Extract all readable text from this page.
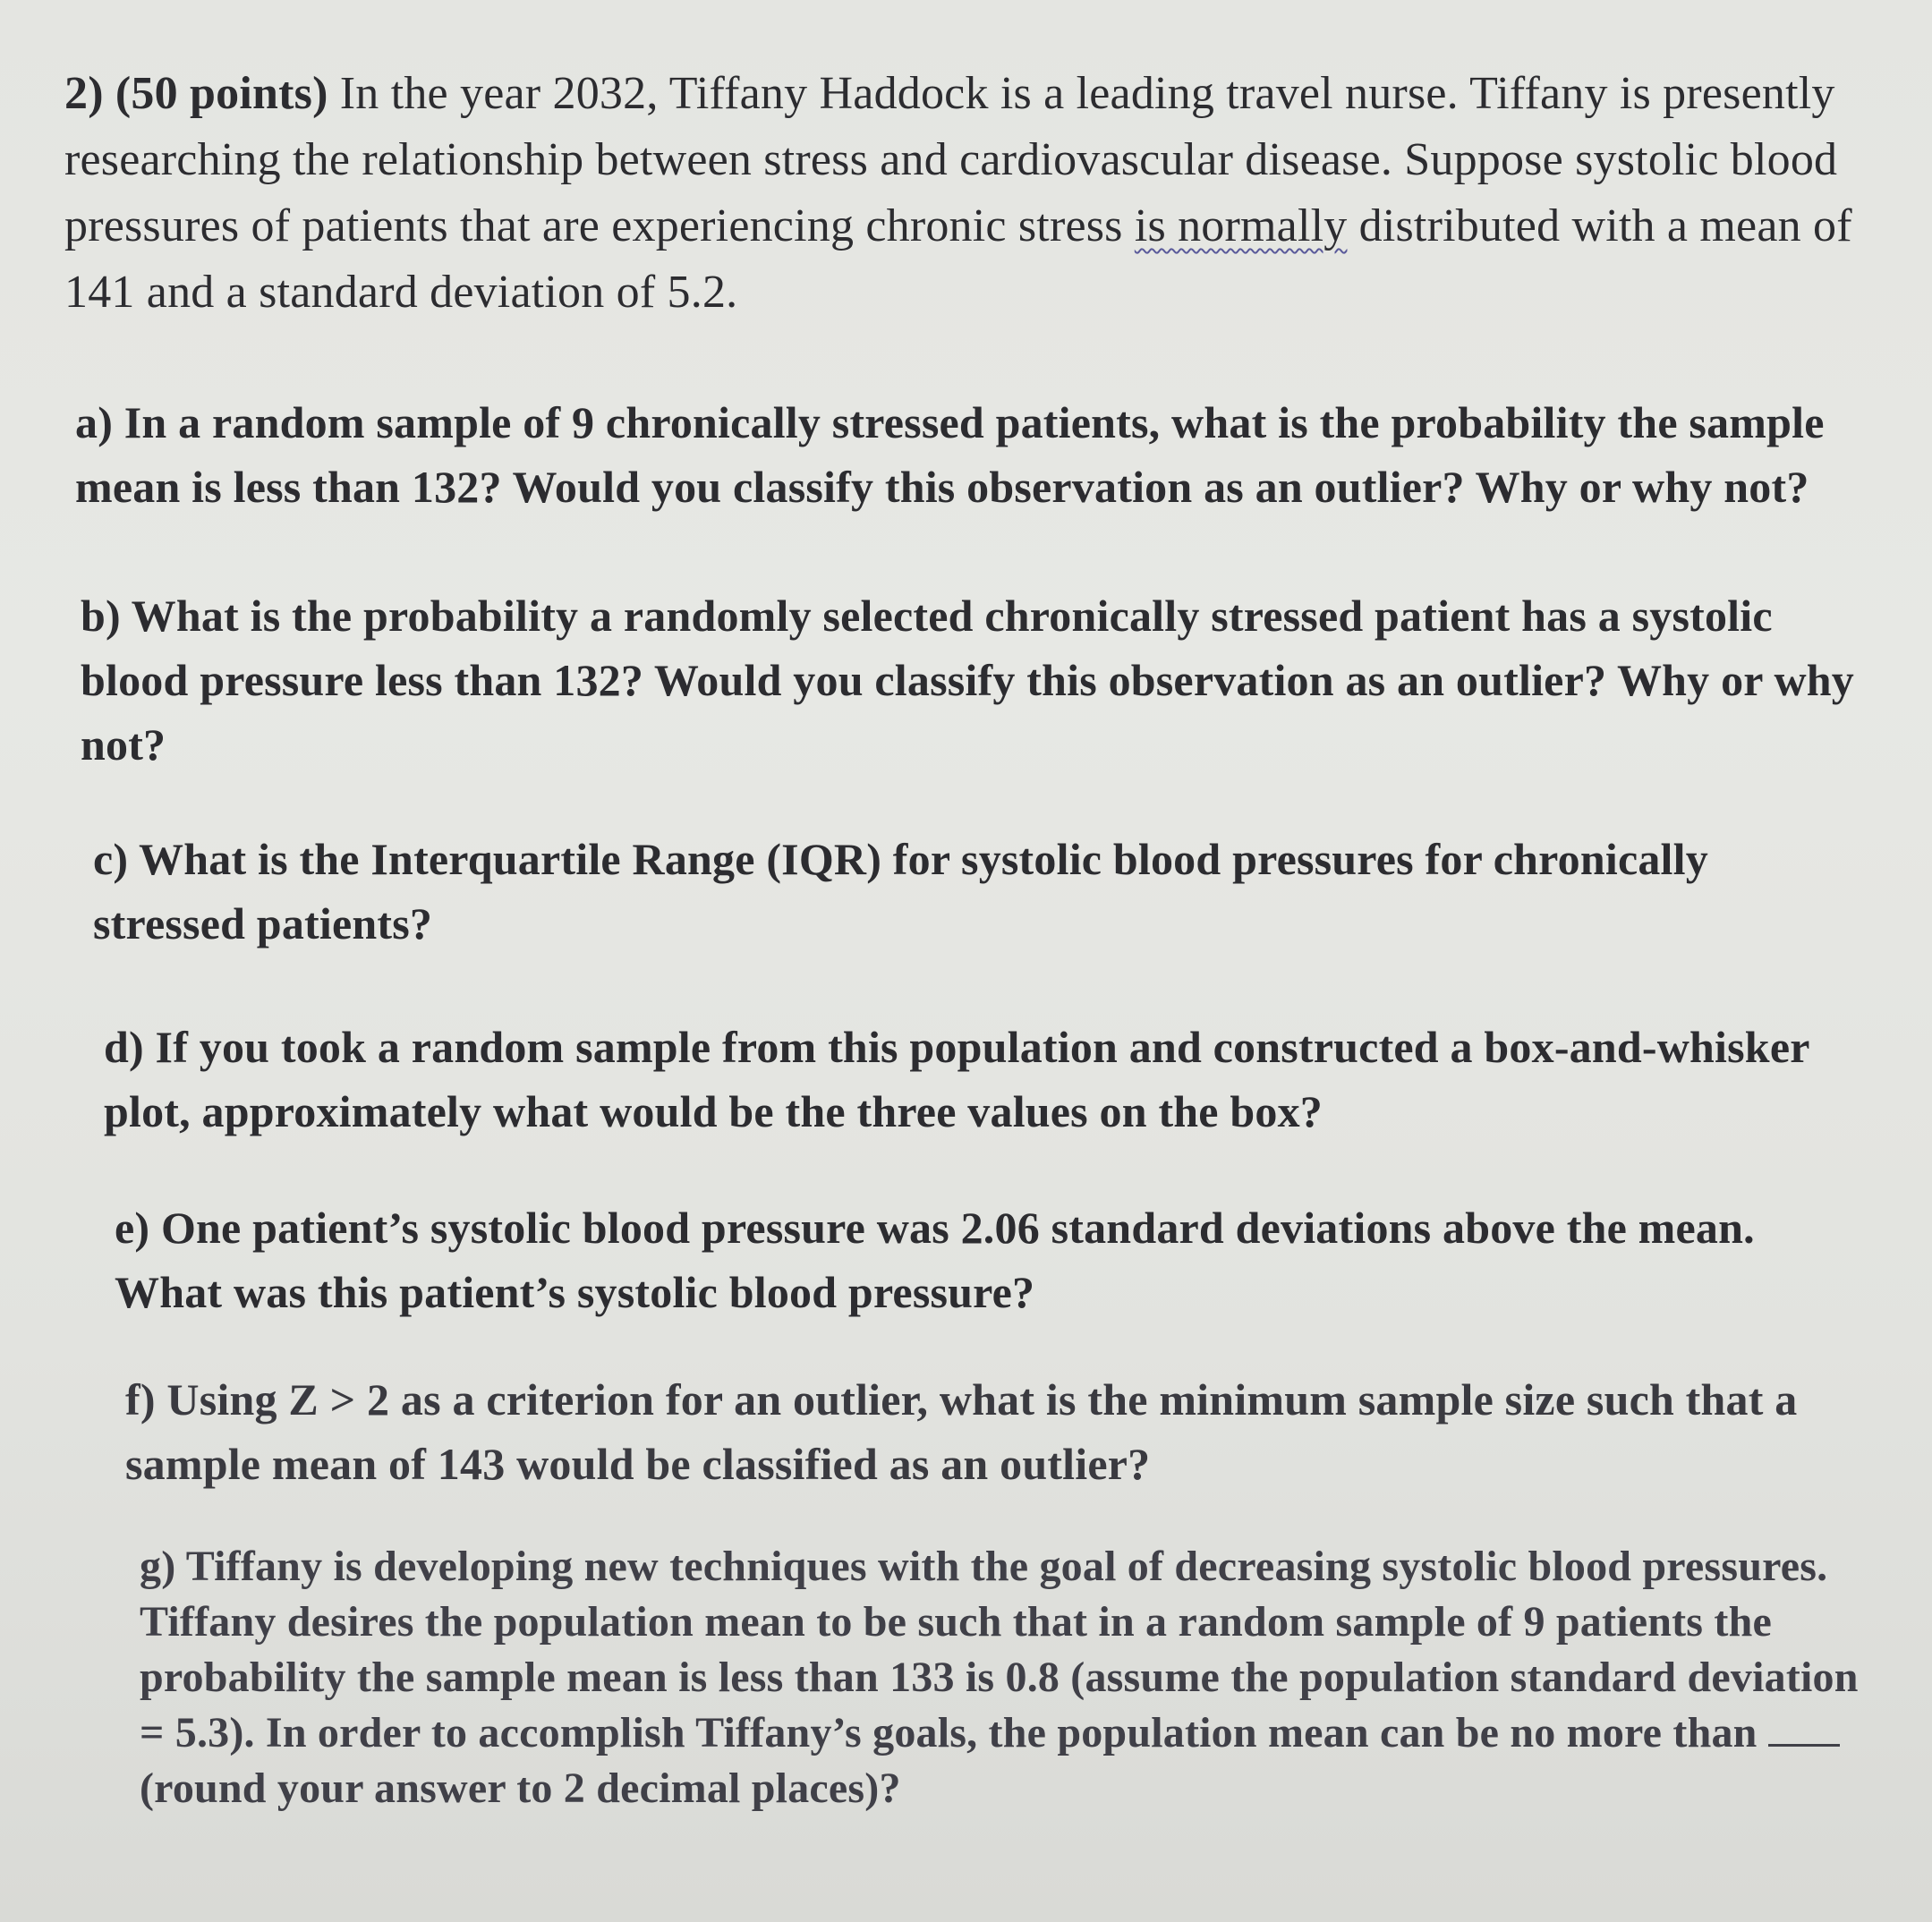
2) (50 points) In the year 2032, Tiffany Haddock is a leading travel nurse. Tiffany is presently researching the relationship between stress and cardiovascular disease. Suppose systolic blood pressures of patients that are experiencing chronic stress is normally distributed with a mean of 141 and a standard deviation of 5.2.

a) In a random sample of 9 chronically stressed patients, what is the probability the sample mean is less than 132? Would you classify this observation as an outlier? Why or why not?

b) What is the probability a randomly selected chronically stressed patient has a systolic blood pressure less than 132? Would you classify this observation as an outlier? Why or why not?

c) What is the Interquartile Range (IQR) for systolic blood pressures for chronically stressed patients?

d) If you took a random sample from this population and constructed a box-and-whisker plot, approximately what would be the three values on the box?

e) One patient’s systolic blood pressure was 2.06 standard deviations above the mean. What was this patient’s systolic blood pressure?

f) Using Z > 2 as a criterion for an outlier, what is the minimum sample size such that a sample mean of 143 would be classified as an outlier?

g) Tiffany is developing new techniques with the goal of decreasing systolic blood pressures. Tiffany desires the population mean to be such that in a random sample of 9 patients the probability the sample mean is less than 133 is 0.8 (assume the population standard deviation = 5.3). In order to accomplish Tiffany’s goals, the population mean can be no more than  (round your answer to 2 decimal places)?
